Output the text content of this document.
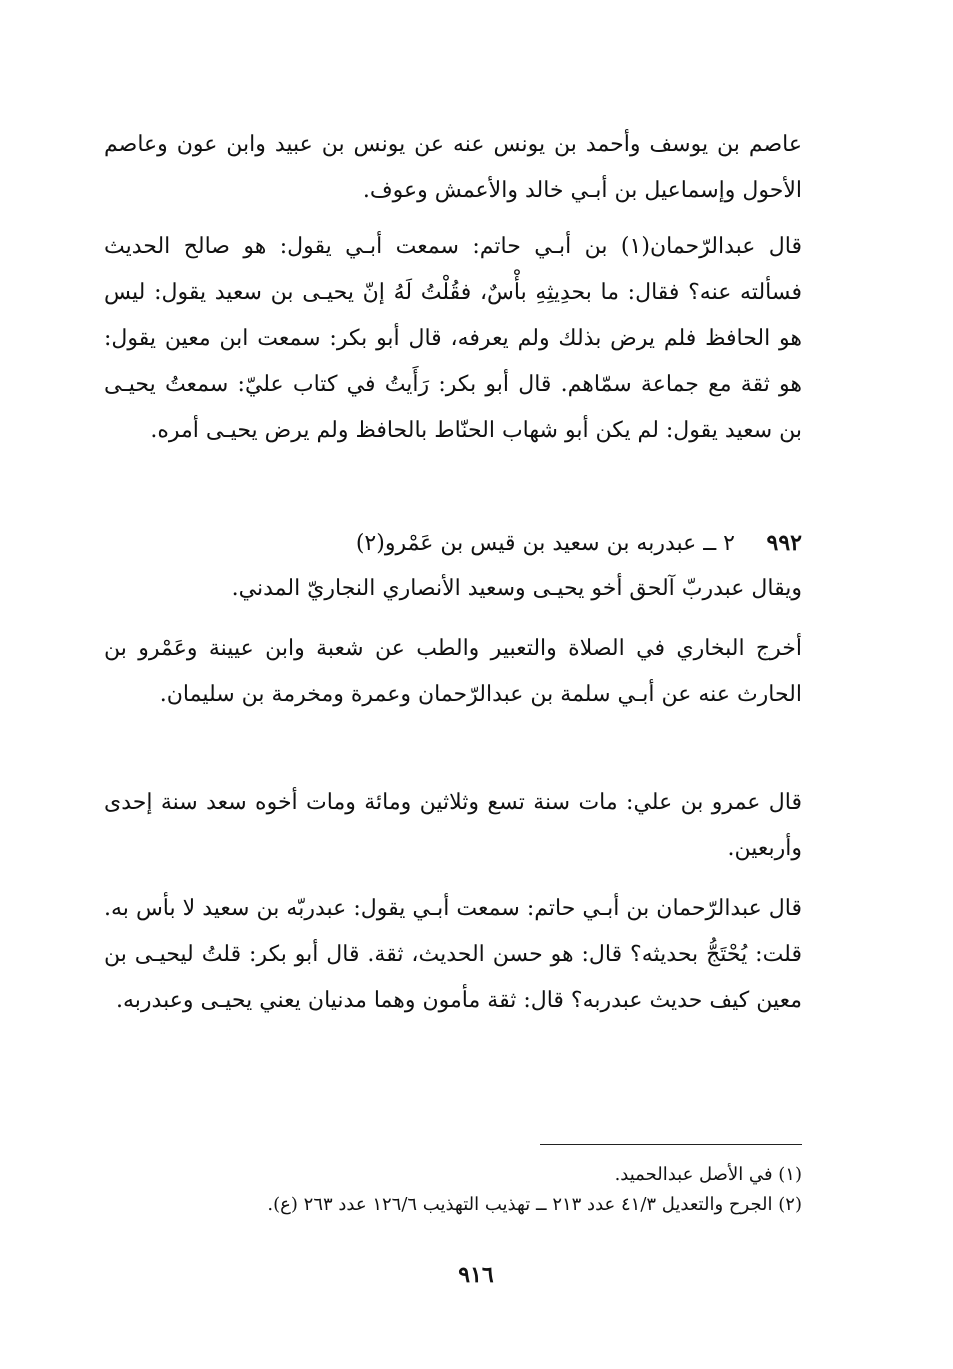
عاصم بن يوسف وأحمد بن يونس عنه عن يونس بن عبيد وابن عون وعاصم الأحول وإسماعيل بن أبـي خالد والأعمش وعوف.

قال عبدالرّحمان(١) بن أبـي حاتم: سمعت أبـي يقول: هو صالح الحديث فسألته عنه؟ فقال: ما بحدِيثِهِ بأْسٌ، فقُلْتُ لَهُ إنّ يحيـى بن سعيد يقول: ليس هو الحافظ فلم يرض بذلك ولم يعرفه، قال أبو بكر: سمعت ابن معين يقول: هو ثقة مع جماعة سمّاهم. قال أبو بكر: رَأَيتُ في كتاب عليّ: سمعتُ يحيـى بن سعيد يقول: لم يكن أبو شهاب الحنّاط بالحافظ ولم يرض يحيـى أمره.

٩٩٢ ٢ ــ عبدربه بن سعيد بن قيس بن عَمْرو(٢)

ويقال عبدربّ آلحق أخو يحيـى وسعيد الأنصاري النجاريّ المدني.

أخرج البخاري في الصلاة والتعبير والطب عن شعبة وابن عيينة وعَمْرو بن الحارث عنه عن أبـي سلمة بن عبدالرّحمان وعمرة ومخرمة بن سليمان.

قال عمرو بن علي: مات سنة تسع وثلاثين ومائة ومات أخوه سعد سنة إحدى وأربعين.

قال عبدالرّحمان بن أبـي حاتم: سمعت أبـي يقول: عبدربّه بن سعيد لا بأس به. قلت: يُحْتَجُّ بحديثه؟ قال: هو حسن الحديث، ثقة. قال أبو بكر: قلتُ ليحيـى بن معين كيف حديث عبدربه؟ قال: ثقة مأمون وهما مدنيان يعني يحيـى وعبدربه.

(١) في الأصل عبدالحميد.

(٢) الجرح والتعديل ٤١/٣ عدد ٢١٣ ــ تهذيب التهذيب ١٢٦/٦ عدد ٢٦٣ (ع).

٩١٦
